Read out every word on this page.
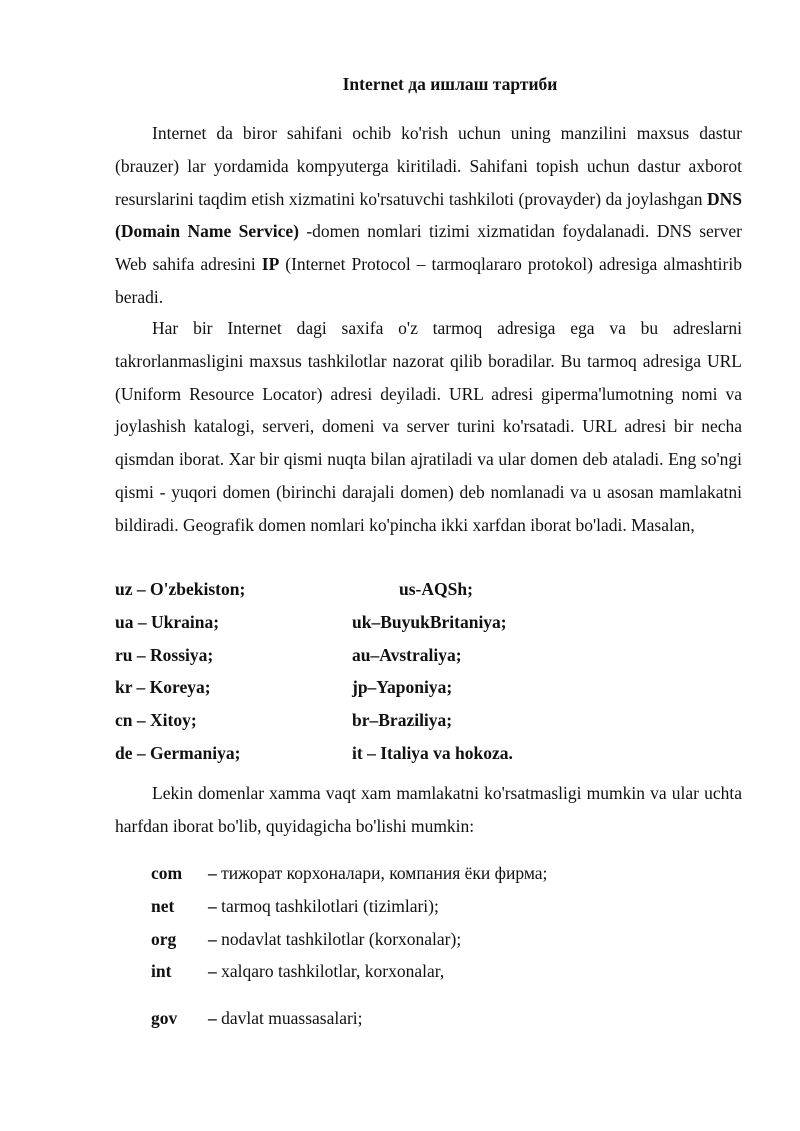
Internet да ишлаш тартиби

Internet da biror sahifani ochib ko'rish uchun uning manzilini maxsus dastur (brauzer) lar yordamida kompyuterga kiritiladi. Sahifani topish uchun dastur axborot resurslarini taqdim etish xizmatini ko'rsatuvchi tashkiloti (provayder) da joylashgan DNS (Domain Name Service) -domen nomlari tizimi xizmatidan foydalanadi. DNS server Web sahifa adresini IP (Internet Protocol – tarmoqlararo protokol) adresiga almashtirib beradi.

Har bir Internet dagi saxifa o'z tarmoq adresiga ega va bu adreslarni takrorlanmasligini maxsus tashkilotlar nazorat qilib boradilar. Bu tarmoq adresiga URL (Uniform Resource Locator) adresi deyiladi. URL adresi giperma'lumotning nomi va joylashish katalogi, serveri, domeni va server turini ko'rsatadi. URL adresi bir necha qismdan iborat. Xar bir qismi nuqta bilan ajratiladi va ular domen deb ataladi. Eng so'ngi qismi - yuqori domen (birinchi darajali domen) deb nomlanadi va u asosan mamlakatni bildiradi. Geografik domen nomlari ko'pincha ikki xarfdan iborat bo'ladi. Masalan,

uz – O'zbekiston;	us-AQSh;
ua – Ukraina;	uk–BuyukBritaniya;
ru – Rossiya;	au–Avstraliya;
kr – Koreya;	jp–Yaponiya;
cn – Xitoy;	br–Braziliya;
de – Germaniya;	it – Italiya va hokoza.

Lekin domenlar xamma vaqt xam mamlakatni ko'rsatmasligi mumkin va ular uchta harfdan iborat bo'lib, quyidagicha bo'lishi mumkin:

com – тижорат корхоналари, компания ёки фирма;
net – tarmoq tashkilotlari (tizimlari);
org – nodavlat tashkilotlar (korxonalar);
int – xalqaro tashkilotlar, korxonalar,
gov – davlat muassasalari;
